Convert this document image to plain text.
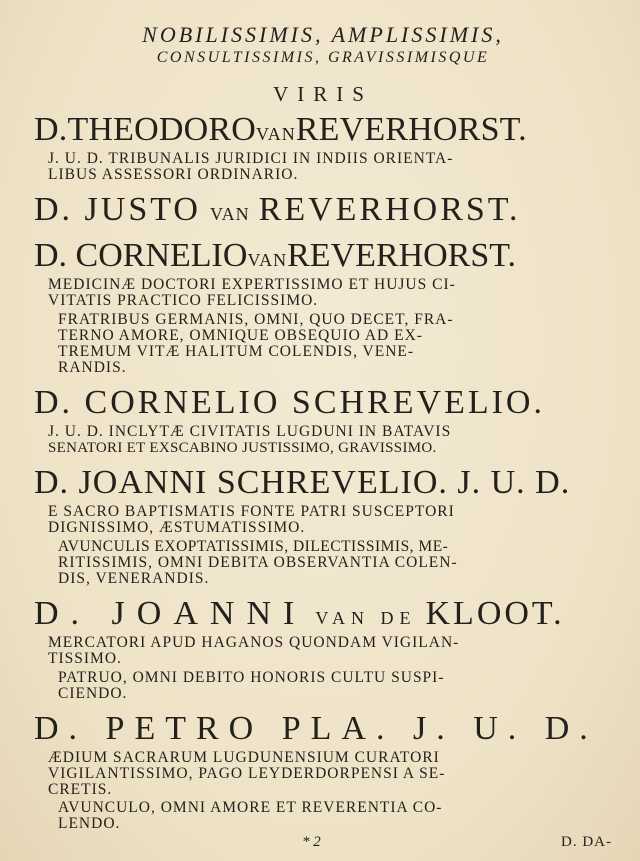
NOBILISSIMIS, AMPLISSIMIS,
CONSULTISSIMIS, GRAVISSIMISQUE
VIRIS
D.THEODOROVANREVERHORST.
J. U. D. TRIBUNALIS JURIDICI IN INDIIS ORIENTA-
LIBUS ASSESSORI ORDINARIO.
D. JUSTO VAN REVERHORST.
D. CORNELIOVANREVERHORST.
MEDICINÆ DOCTORI EXPERTISSIMO ET HUJUS CI-
VITATIS PRACTICO FELICISSIMO.
FRATRIBUS GERMANIS, OMNI, QUO DECET, FRA-
TERNO AMORE, OMNIQUE OBSEQUIO AD EX-
TREMUM VITÆ HALITUM COLENDIS, VENE-
RANDIS.
D. CORNELIO SCHREVELIO.
J. U. D. INCLYTÆ CIVITATIS LUGDUNI IN BATAVIS
SENATORI ET EXSCABINO JUSTISSIMO, GRAVISSIMO.
D. JOANNI SCHREVELIO. J. U. D.
E SACRO BAPTISMATIS FONTE PATRI SUSCEPTORI
DIGNISSIMO, ÆSTUMATISSIMO.
AVUNCULIS EXOPTATISSIMIS, DILECTISSIMIS, ME-
RITISSIMIS, OMNI DEBITA OBSERVANTIA COLEN-
DIS, VENERANDIS.
D. JOANNI VAN DE KLOOT.
MERCATORI APUD HAGANOS QUONDAM VIGILAN-
TISSIMO.
PATRUO, OMNI DEBITO HONORIS CULTU SUSPI-
CIENDO.
D. PETRO PLA. J. U. D.
ÆDIUM SACRARUM LUGDUNENSIUM CURATORI
VIGILANTISSIMO, PAGO LEYDERDORPENSI A SE-
CRETIS.
AVUNCULO, OMNI AMORE ET REVERENTIA CO-
LENDO.
* 2	D. DA-
